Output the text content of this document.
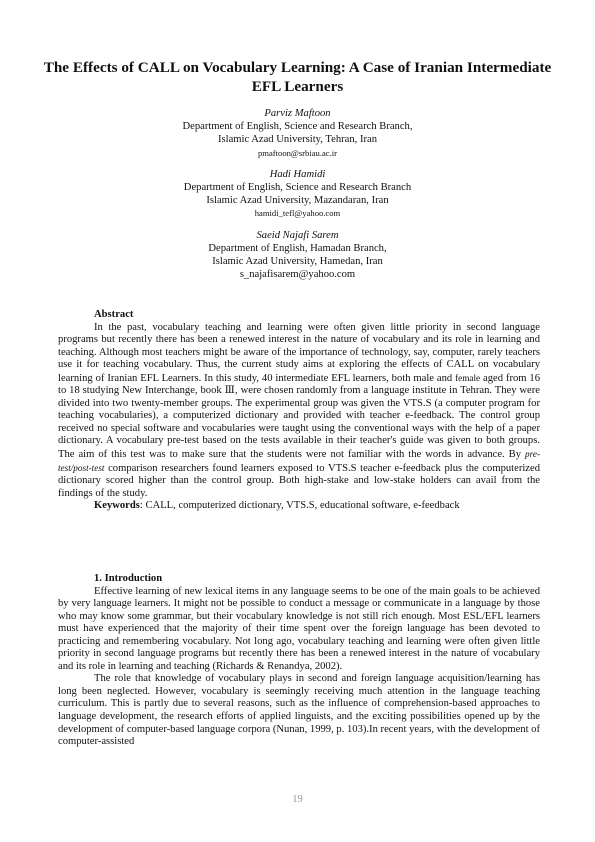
The Effects of CALL on Vocabulary Learning: A Case of Iranian Intermediate EFL Learners
Parviz Maftoon
Department of English, Science and Research Branch,
Islamic Azad University, Tehran, Iran
pmaftoon@srbiau.ac.ir
Hadi Hamidi
Department of English, Science and Research Branch
Islamic Azad University, Mazandaran, Iran
hamidi_tefl@yahoo.com
Saeid Najafi Sarem
Department of English, Hamadan Branch,
Islamic Azad University, Hamedan, Iran
s_najafisarem@yahoo.com
Abstract

In the past, vocabulary teaching and learning were often given little priority in second language programs but recently there has been a renewed interest in the nature of vocabulary and its role in learning and teaching. Although most teachers might be aware of the importance of technology, say, computer, rarely teachers use it for teaching vocabulary. Thus, the current study aims at exploring the effects of CALL on vocabulary learning of Iranian EFL Learners. In this study, 40 intermediate EFL learners, both male and female aged from 16 to 18 studying New Interchange, book Ⅲ, were chosen randomly from a language institute in Tehran. They were divided into two twenty-member groups. The experimental group was given the VTS.S (a computer program for teaching vocabularies), a computerized dictionary and provided with teacher e-feedback. The control group received no special software and vocabularies were taught using the conventional ways with the help of a paper dictionary. A vocabulary pre-test based on the tests available in their teacher's guide was given to both groups. The aim of this test was to make sure that the students were not familiar with the words in advance. By pre-test/post-test comparison researchers found learners exposed to VTS.S teacher e-feedback plus the computerized dictionary scored higher than the control group. Both high-stake and low-stake holders can avail from the findings of the study.

Keywords: CALL, computerized dictionary, VTS.S, educational software, e-feedback

1. Introduction

Effective learning of new lexical items in any language seems to be one of the main goals to be achieved by very language learners. It might not be possible to conduct a message or communicate in a language by those who may know some grammar, but their vocabulary knowledge is not still rich enough. Most ESL/EFL learners must have experienced that the majority of their time spent over the foreign language has been devoted to practicing and remembering vocabulary. Not long ago, vocabulary teaching and learning were often given little priority in second language programs but recently there has been a renewed interest in the nature of vocabulary and its role in learning and teaching (Richards & Renandya, 2002).

The role that knowledge of vocabulary plays in second and foreign language acquisition/learning has long been neglected. However, vocabulary is seemingly receiving much attention in the language teaching curriculum. This is partly due to several reasons, such as the influence of comprehension-based approaches to language development, the research efforts of applied linguists, and the exciting possibilities opened up by the development of computer-based language corpora (Nunan, 1999, p. 103).In recent years, with the development of computer-assisted

19
